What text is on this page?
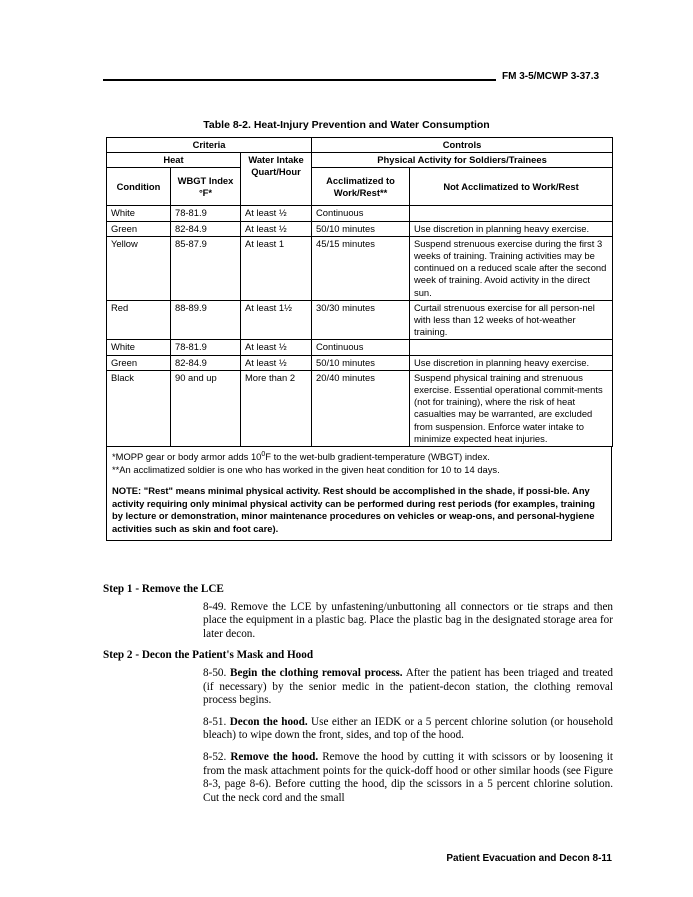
FM 3-5/MCWP 3-37.3
Table 8-2. Heat-Injury Prevention and Water Consumption
Criteria			Controls	
Heat		Water Intake Quart/Hour	Physical Activity for Soldiers/Trainees	
Condition	WBGT Index °F*		Acclimatized to Work/Rest**	Not Acclimatized to Work/Rest
White	78-81.9	At least ½	Continuous	
Green	82-84.9	At least ½	50/10 minutes	Use discretion in planning heavy exercise.
Yellow	85-87.9	At least 1	45/15 minutes	Suspend strenuous exercise during the first 3 weeks of training. Training activities may be continued on a reduced scale after the second week of training. Avoid activity in the direct sun.
Red	88-89.9	At least 1½	30/30 minutes	Curtail strenuous exercise for all person-nel with less than 12 weeks of hot-weather training.
White	78-81.9	At least ½	Continuous	
Green	82-84.9	At least ½	50/10 minutes	Use discretion in planning heavy exercise.
Black	90 and up	More than 2	20/40 minutes	Suspend physical training and strenuous exercise. Essential operational commit-ments (not for training), where the risk of heat casualties may be warranted, are excluded from suspension. Enforce water intake to minimize expected heat injuries.

*MOPP gear or body armor adds $10^0F$ to the wet-bulb gradient-temperature (WBGT) index.

**An acclimatized soldier is one who has worked in the given heat condition for 10 to 14 days.

NOTE: "Rest" means minimal physical activity. Rest should be accomplished in the shade, if possi-ble. Any activity requiring only minimal physical activity can be performed during rest periods (for examples, training by lecture or demonstration, minor maintenance procedures on vehicles or weap-ons, and personal-hygiene activities such as skin and foot care).

Step 1 - Remove the LCE

8-49. Remove the LCE by unfastening/unbuttoning all connectors or tie straps and then place the equipment in a plastic bag. Place the plastic bag in the designated storage area for later decon.

Step 2 - Decon the Patient's Mask and Hood

8-50. Begin the clothing removal process. After the patient has been triaged and treated (if necessary) by the senior medic in the patient-decon station, the clothing removal process begins.

8-51. Decon the hood. Use either an IEDK or a 5 percent chlorine solution (or household bleach) to wipe down the front, sides, and top of the hood.

8-52. Remove the hood. Remove the hood by cutting it with scissors or by loosening it from the mask attachment points for the quick-doff hood or other similar hoods (see Figure 8-3, page 8-6). Before cutting the hood, dip the scissors in a 5 percent chlorine solution. Cut the neck cord and the small

Patient Evacuation and Decon 8-11
